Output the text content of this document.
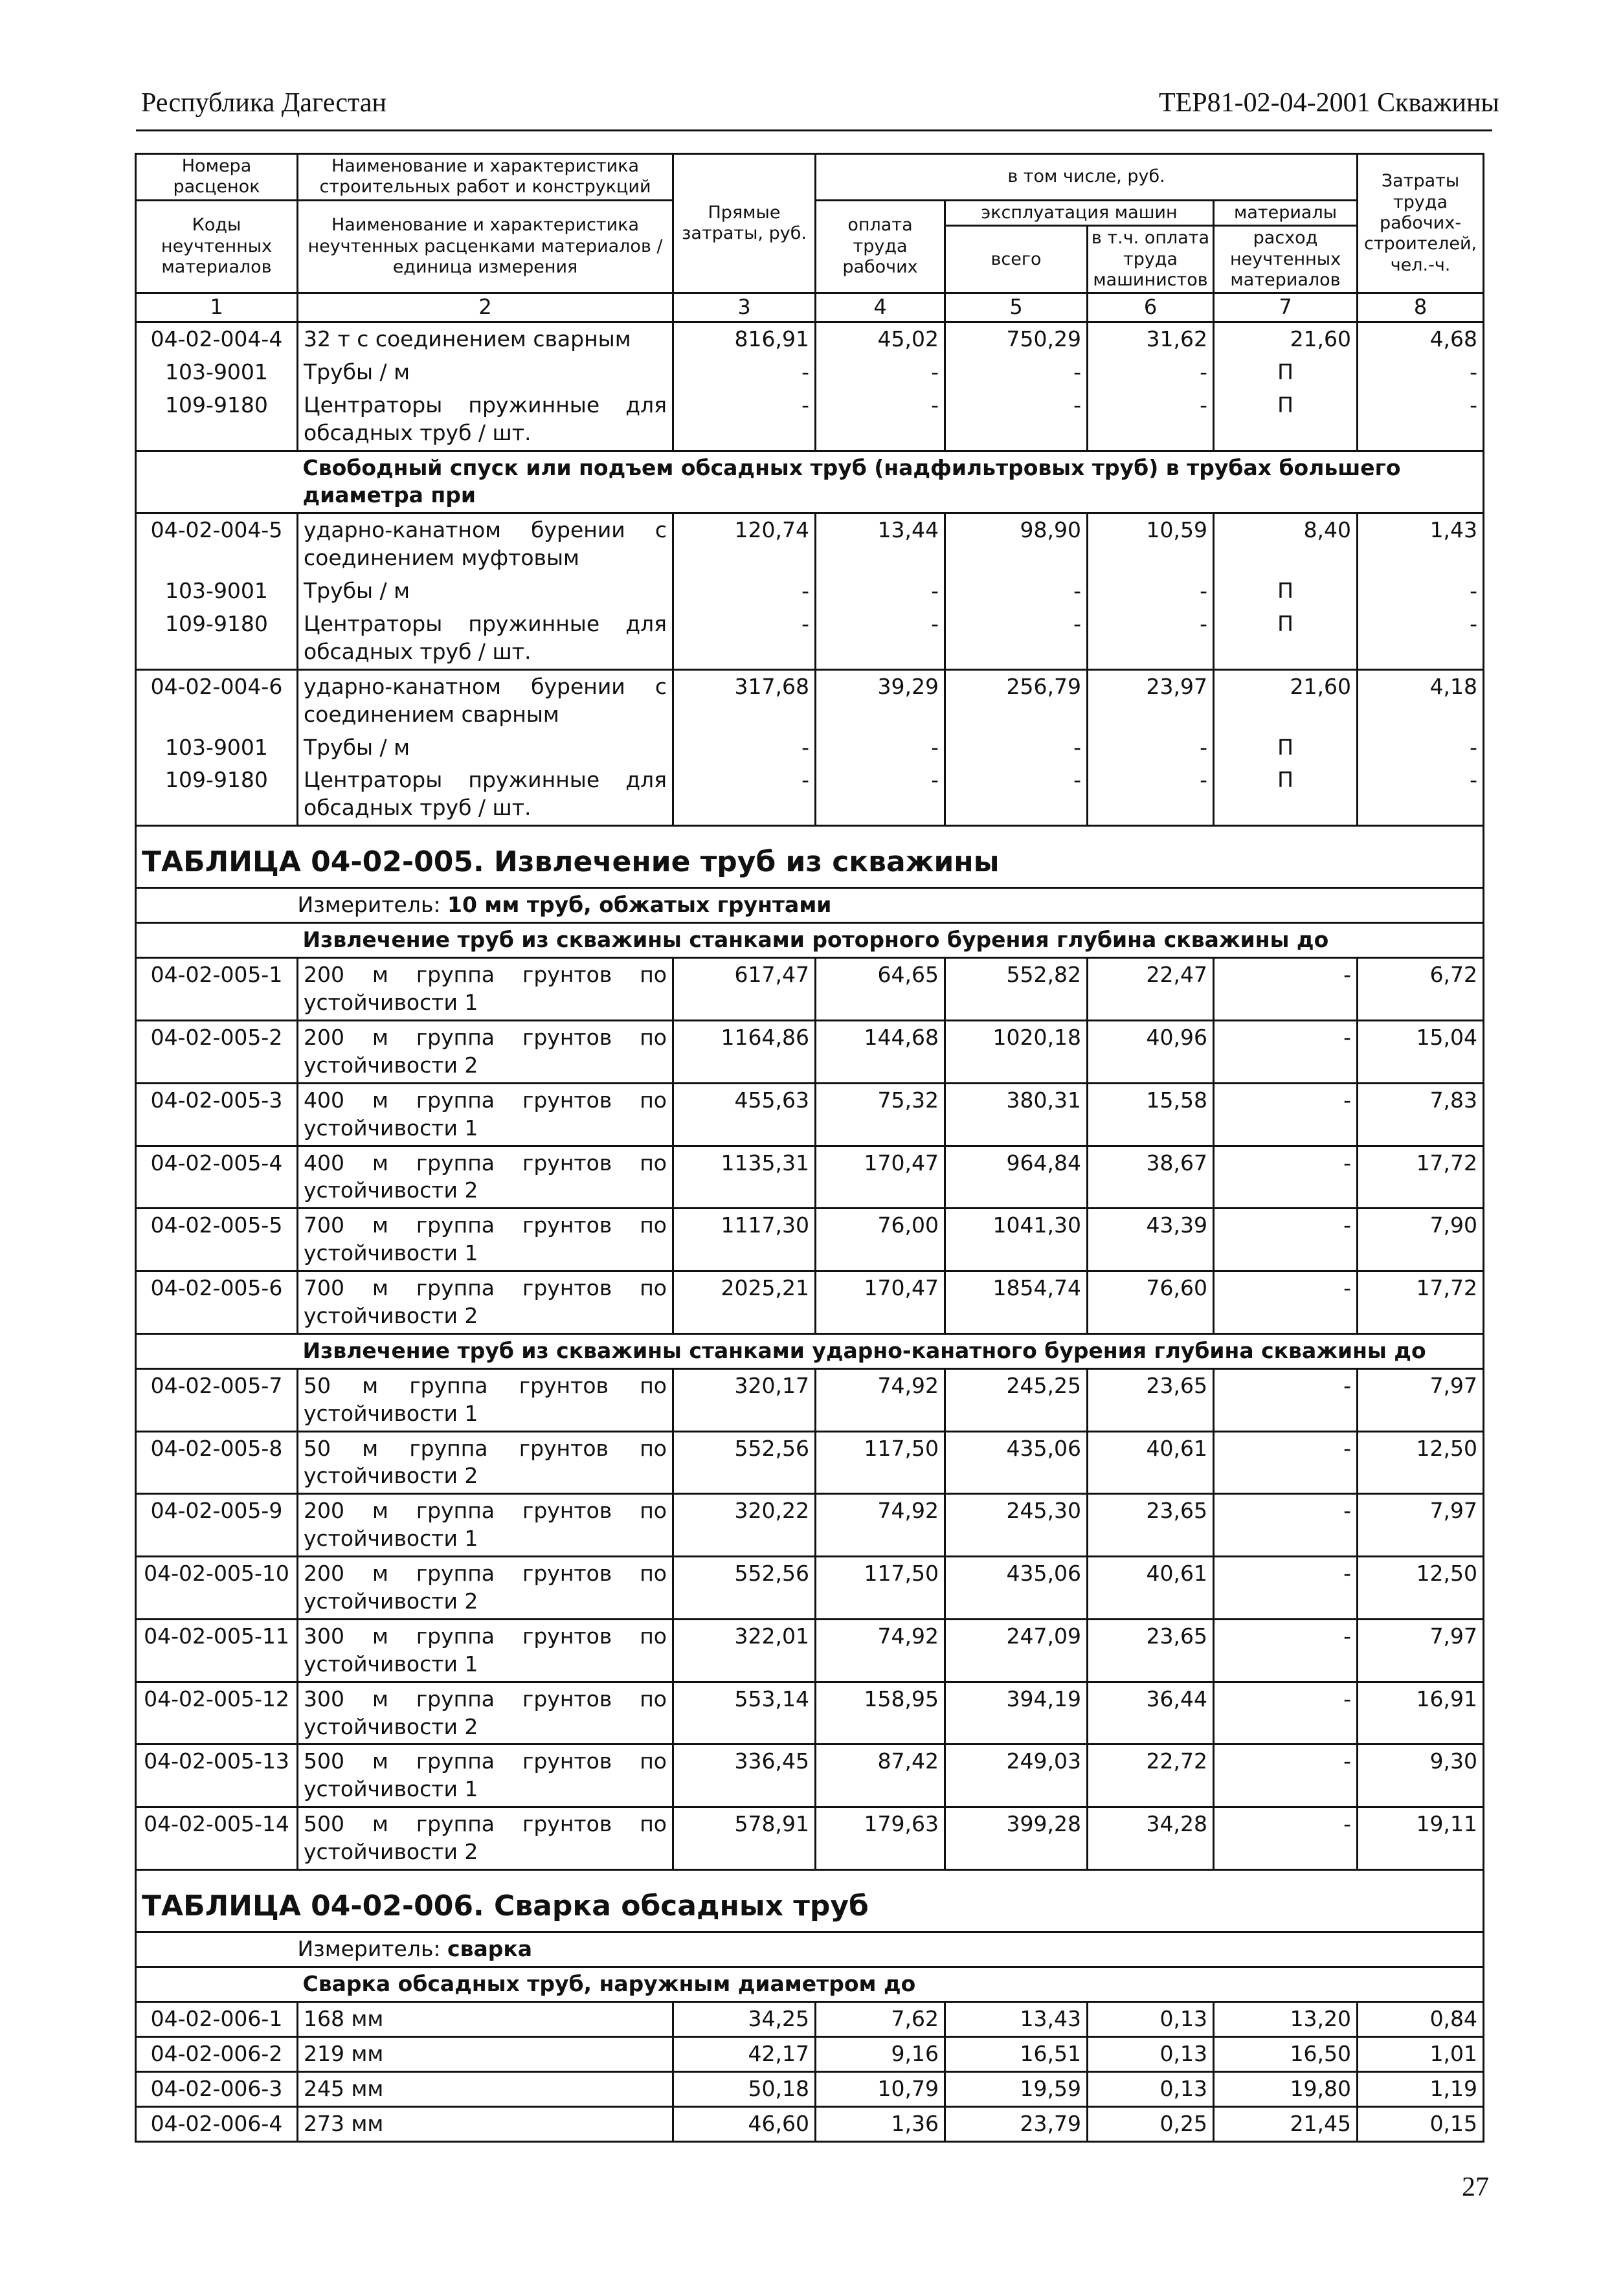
Республика Дагестан	ТЕР81-02-04-2001 Скважины
Номера расценок	Наименование и характеристика строительных работ и конструкций	Прямые затраты, руб.	в том числе, руб.				Затраты труда рабочих-строителей, чел.-ч.
Коды неучтенных материалов	Наименование и характеристика неучтенных расценками материалов / единица измерения		оплата труда рабочих	эксплуатация машин		материалы	
				всего	в т.ч. оплата труда машинистов	расход неучтенных материалов	
1	2	3	4	5	6	7	8
04-02-004-4	32 т с соединением сварным	816,91	45,02	750,29	31,62	21,60	4,68
103-9001	Трубы / м	-	-	-	-	П	-
109-9180	Центраторы пружинные для обсадных труб / шт.	-	-	-	-	П	-
	Свободный спуск или подъем обсадных труб (надфильтровых труб) в трубах большего диаметра при						
04-02-004-5	ударно-канатном бурении с соединением муфтовым	120,74	13,44	98,90	10,59	8,40	1,43
103-9001	Трубы / м	-	-	-	-	П	-
109-9180	Центраторы пружинные для обсадных труб / шт.	-	-	-	-	П	-
04-02-004-6	ударно-канатном бурении с соединением сварным	317,68	39,29	256,79	23,97	21,60	4,18
103-9001	Трубы / м	-	-	-	-	П	-
109-9180	Центраторы пружинные для обсадных труб / шт.	-	-	-	-	П	-
ТАБЛИЦА 04-02-005. Извлечение труб из скважины							
	Измеритель: 10 мм труб, обжатых грунтами						
	Извлечение труб из скважины станками роторного бурения глубина скважины до						
04-02-005-1	200 м группа грунтов по устойчивости 1	617,47	64,65	552,82	22,47	-	6,72
04-02-005-2	200 м группа грунтов по устойчивости 2	1164,86	144,68	1020,18	40,96	-	15,04
04-02-005-3	400 м группа грунтов по устойчивости 1	455,63	75,32	380,31	15,58	-	7,83
04-02-005-4	400 м группа грунтов по устойчивости 2	1135,31	170,47	964,84	38,67	-	17,72
04-02-005-5	700 м группа грунтов по устойчивости 1	1117,30	76,00	1041,30	43,39	-	7,90
04-02-005-6	700 м группа грунтов по устойчивости 2	2025,21	170,47	1854,74	76,60	-	17,72
	Извлечение труб из скважины станками ударно-канатного бурения глубина скважины до						
04-02-005-7	50 м группа грунтов по устойчивости 1	320,17	74,92	245,25	23,65	-	7,97
04-02-005-8	50 м группа грунтов по устойчивости 2	552,56	117,50	435,06	40,61	-	12,50
04-02-005-9	200 м группа грунтов по устойчивости 1	320,22	74,92	245,30	23,65	-	7,97
04-02-005-10	200 м группа грунтов по устойчивости 2	552,56	117,50	435,06	40,61	-	12,50
04-02-005-11	300 м группа грунтов по устойчивости 1	322,01	74,92	247,09	23,65	-	7,97
04-02-005-12	300 м группа грунтов по устойчивости 2	553,14	158,95	394,19	36,44	-	16,91
04-02-005-13	500 м группа грунтов по устойчивости 1	336,45	87,42	249,03	22,72	-	9,30
04-02-005-14	500 м группа грунтов по устойчивости 2	578,91	179,63	399,28	34,28	-	19,11
ТАБЛИЦА 04-02-006. Сварка обсадных труб							
	Измеритель: сварка						
	Сварка обсадных труб, наружным диаметром до						
04-02-006-1	168 мм	34,25	7,62	13,43	0,13	13,20	0,84
04-02-006-2	219 мм	42,17	9,16	16,51	0,13	16,50	1,01
04-02-006-3	245 мм	50,18	10,79	19,59	0,13	19,80	1,19
04-02-006-4	273 мм	46,60	1,36	23,79	0,25	21,45	0,15
27
